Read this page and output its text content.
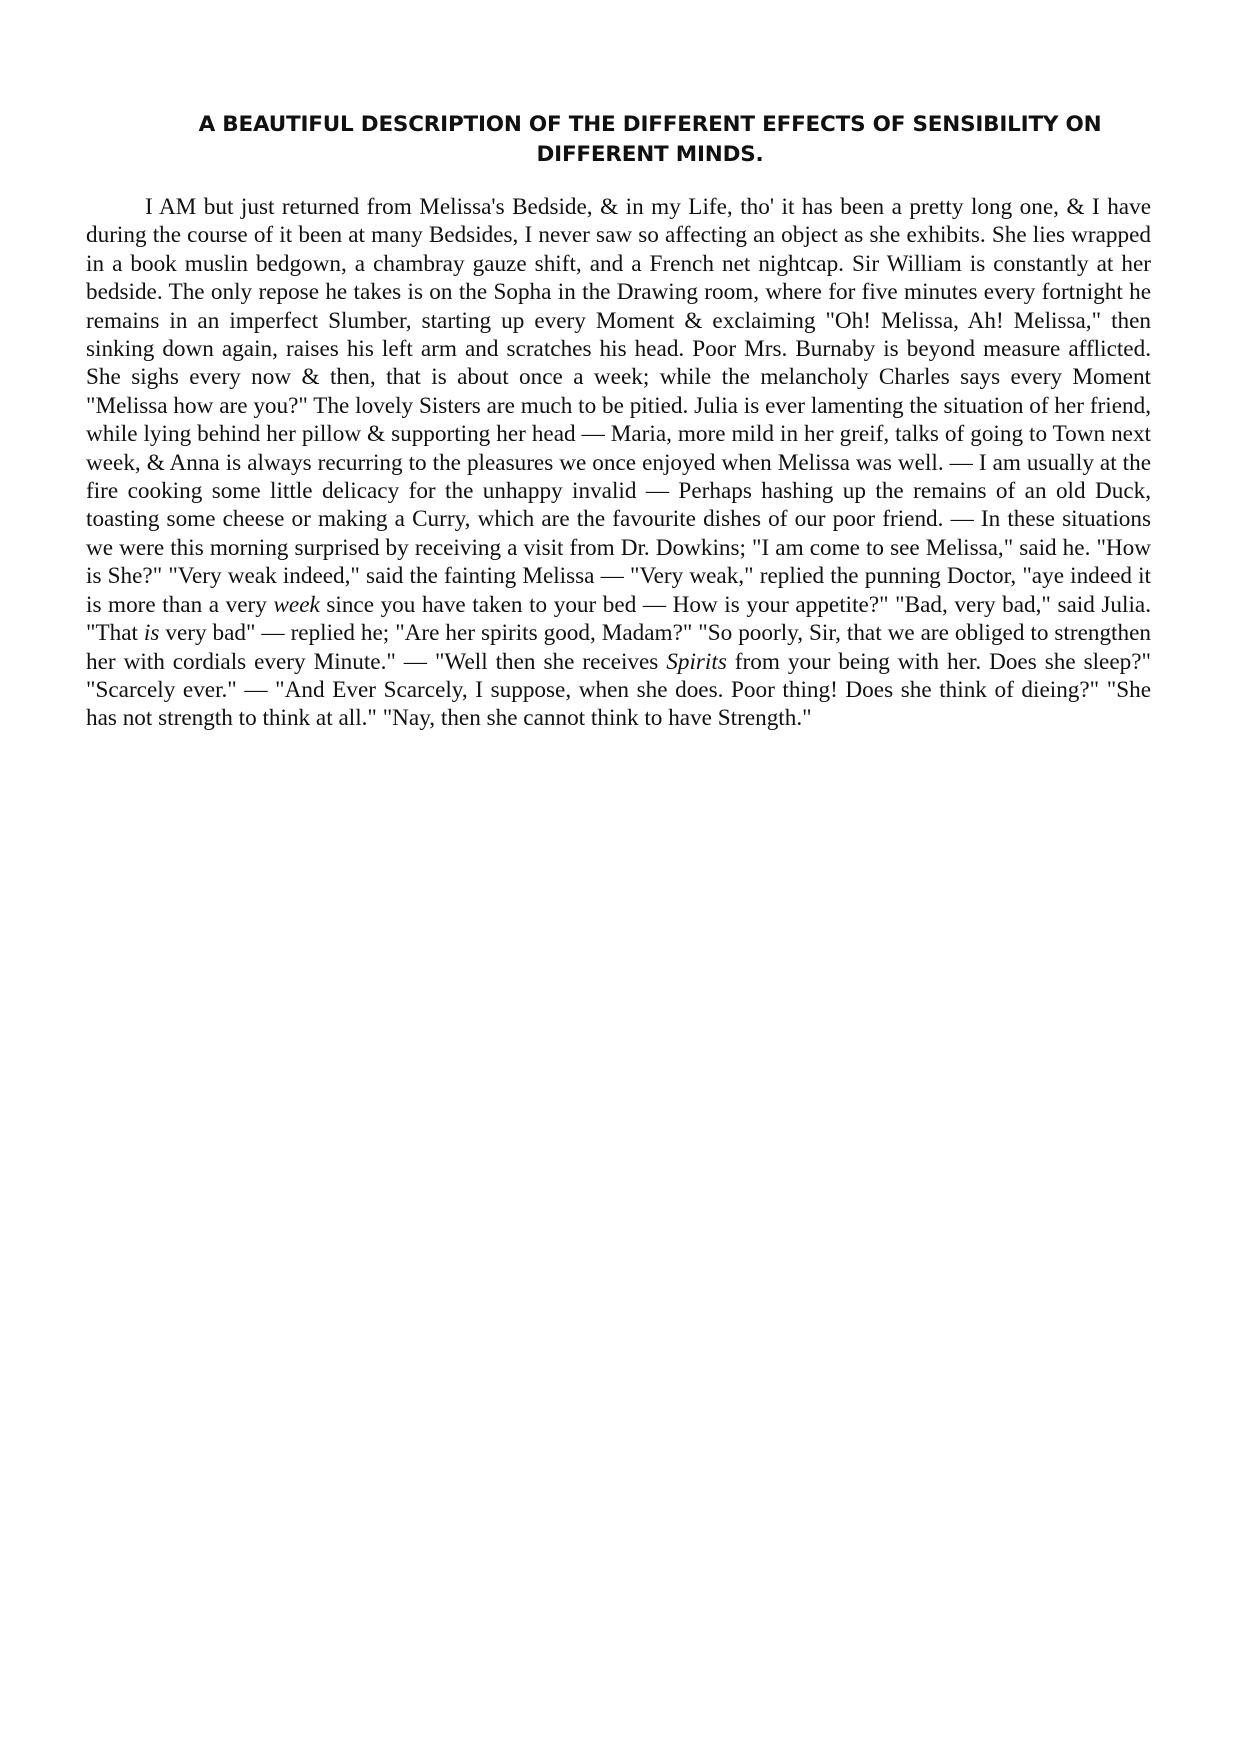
A BEAUTIFUL DESCRIPTION OF THE DIFFERENT EFFECTS OF SENSIBILITY ON
DIFFERENT MINDS.

I AM but just returned from Melissa's Bedside, & in my Life, tho' it has been a pretty long one, & I have during the course of it been at many Bedsides, I never saw so affecting an object as she exhibits. She lies wrapped in a book muslin bedgown, a chambray gauze shift, and a French net nightcap. Sir William is constantly at her bedside. The only repose he takes is on the Sopha in the Drawing room, where for five minutes every fortnight he remains in an imperfect Slumber, starting up every Moment & exclaiming "Oh! Melissa, Ah! Melissa," then sinking down again, raises his left arm and scratches his head. Poor Mrs. Burnaby is beyond measure afflicted. She sighs every now & then, that is about once a week; while the melancholy Charles says every Moment "Melissa how are you?" The lovely Sisters are much to be pitied. Julia is ever lamenting the situation of her friend, while lying behind her pillow & supporting her head — Maria, more mild in her greif, talks of going to Town next week, & Anna is always recurring to the pleasures we once enjoyed when Melissa was well. — I am usually at the fire cooking some little delicacy for the unhappy invalid — Perhaps hashing up the remains of an old Duck, toasting some cheese or making a Curry, which are the favourite dishes of our poor friend. — In these situations we were this morning surprised by receiving a visit from Dr. Dowkins; "I am come to see Melissa," said he. "How is She?" "Very weak indeed," said the fainting Melissa — "Very weak," replied the punning Doctor, "aye indeed it is more than a very week since you have taken to your bed — How is your appetite?" "Bad, very bad," said Julia. "That is very bad" — replied he; "Are her spirits good, Madam?" "So poorly, Sir, that we are obliged to strengthen her with cordials every Minute." — "Well then she receives Spirits from your being with her. Does she sleep?" "Scarcely ever." — "And Ever Scarcely, I suppose, when she does. Poor thing! Does she think of dieing?" "She has not strength to think at all." "Nay, then she cannot think to have Strength."
